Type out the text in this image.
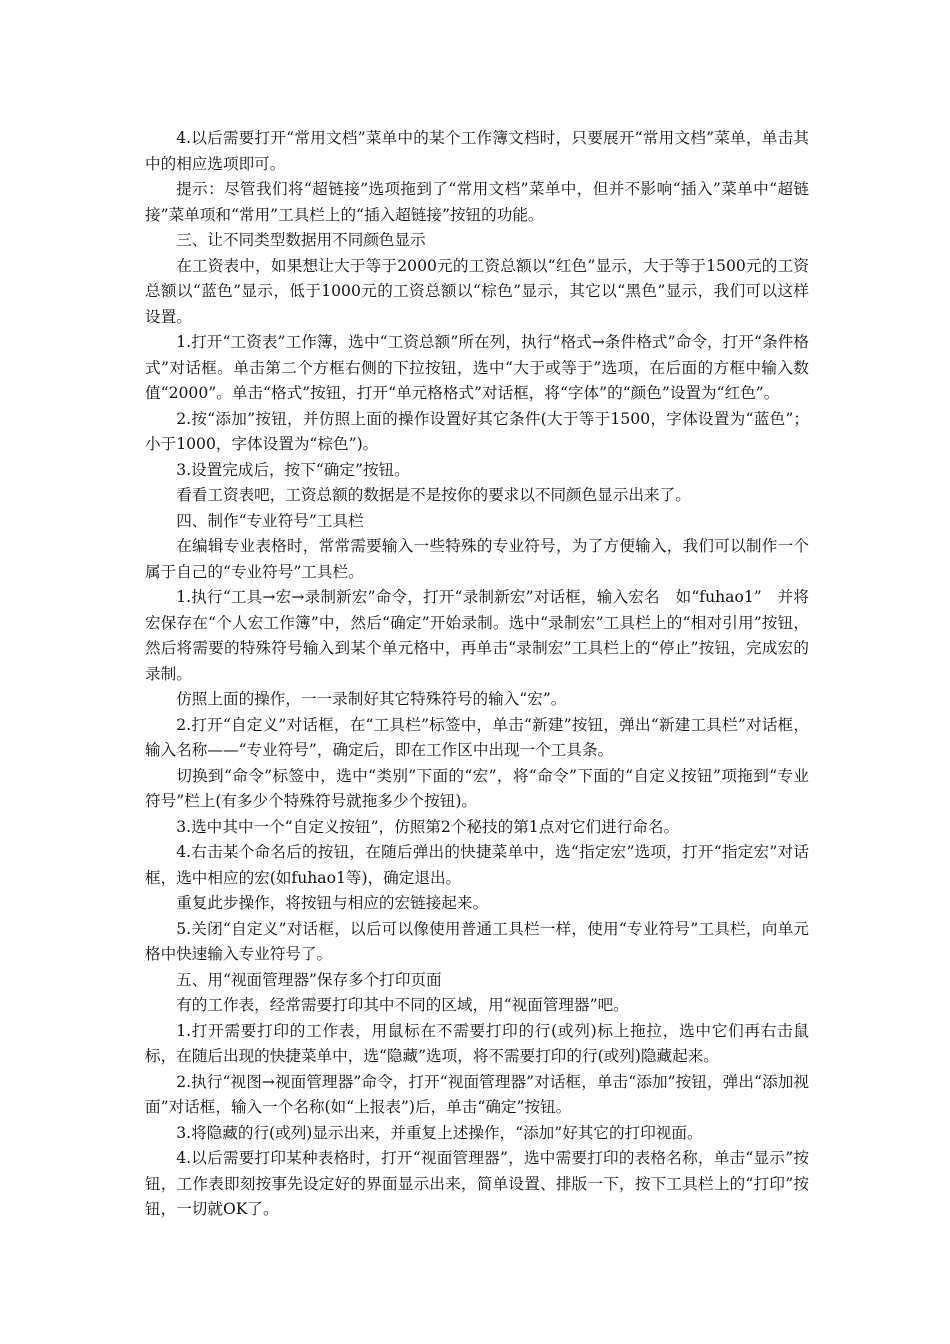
4.以后需要打开“常用文档”菜单中的某个工作簿文档时，只要展开“常用文档”菜单，单击其中的相应选项即可。

提示：尽管我们将“超链接”选项拖到了“常用文档”菜单中，但并不影响“插入”菜单中“超链接”菜单项和“常用”工具栏上的“插入超链接”按钮的功能。

三、让不同类型数据用不同颜色显示

在工资表中，如果想让大于等于2000元的工资总额以“红色”显示，大于等于1500元的工资总额以“蓝色”显示，低于1000元的工资总额以“棕色”显示，其它以“黑色”显示，我们可以这样设置。

1.打开“工资表”工作簿，选中“工资总额”所在列，执行“格式→条件格式”命令，打开“条件格式”对话框。单击第二个方框右侧的下拉按钮，选中“大于或等于”选项，在后面的方框中输入数值“2000”。单击“格式”按钮，打开“单元格格式”对话框，将“字体”的“颜色”设置为“红色”。

2.按“添加”按钮，并仿照上面的操作设置好其它条件(大于等于1500，字体设置为“蓝色”；小于1000，字体设置为“棕色”)。

3.设置完成后，按下“确定”按钮。

看看工资表吧，工资总额的数据是不是按你的要求以不同颜色显示出来了。

四、制作“专业符号”工具栏

在编辑专业表格时，常常需要输入一些特殊的专业符号，为了方便输入，我们可以制作一个属于自己的“专业符号”工具栏。

1.执行“工具→宏→录制新宏”命令，打开“录制新宏”对话框，输入宏名　如“fuhao1”　并将宏保存在“个人宏工作簿”中，然后“确定”开始录制。选中“录制宏”工具栏上的“相对引用”按钮，然后将需要的特殊符号输入到某个单元格中，再单击“录制宏”工具栏上的“停止”按钮，完成宏的录制。

仿照上面的操作，一一录制好其它特殊符号的输入“宏”。

2.打开“自定义”对话框，在“工具栏”标签中，单击“新建”按钮，弹出“新建工具栏”对话框，输入名称——“专业符号”，确定后，即在工作区中出现一个工具条。

切换到“命令”标签中，选中“类别”下面的“宏”，将“命令”下面的“自定义按钮”项拖到“专业符号”栏上(有多少个特殊符号就拖多少个按钮)。

3.选中其中一个“自定义按钮”，仿照第2个秘技的第1点对它们进行命名。

4.右击某个命名后的按钮，在随后弹出的快捷菜单中，选“指定宏”选项，打开“指定宏”对话框，选中相应的宏(如fuhao1等)，确定退出。

重复此步操作，将按钮与相应的宏链接起来。

5.关闭“自定义”对话框，以后可以像使用普通工具栏一样，使用“专业符号”工具栏，向单元格中快速输入专业符号了。

五、用“视面管理器”保存多个打印页面

有的工作表，经常需要打印其中不同的区域，用“视面管理器”吧。

1.打开需要打印的工作表，用鼠标在不需要打印的行(或列)标上拖拉，选中它们再右击鼠标，在随后出现的快捷菜单中，选“隐藏”选项，将不需要打印的行(或列)隐藏起来。

2.执行“视图→视面管理器”命令，打开“视面管理器”对话框，单击“添加”按钮，弹出“添加视面”对话框，输入一个名称(如“上报表”)后，单击“确定”按钮。

3.将隐藏的行(或列)显示出来，并重复上述操作，“添加”好其它的打印视面。

4.以后需要打印某种表格时，打开“视面管理器”，选中需要打印的表格名称，单击“显示”按钮，工作表即刻按事先设定好的界面显示出来，简单设置、排版一下，按下工具栏上的“打印”按钮，一切就OK了。
